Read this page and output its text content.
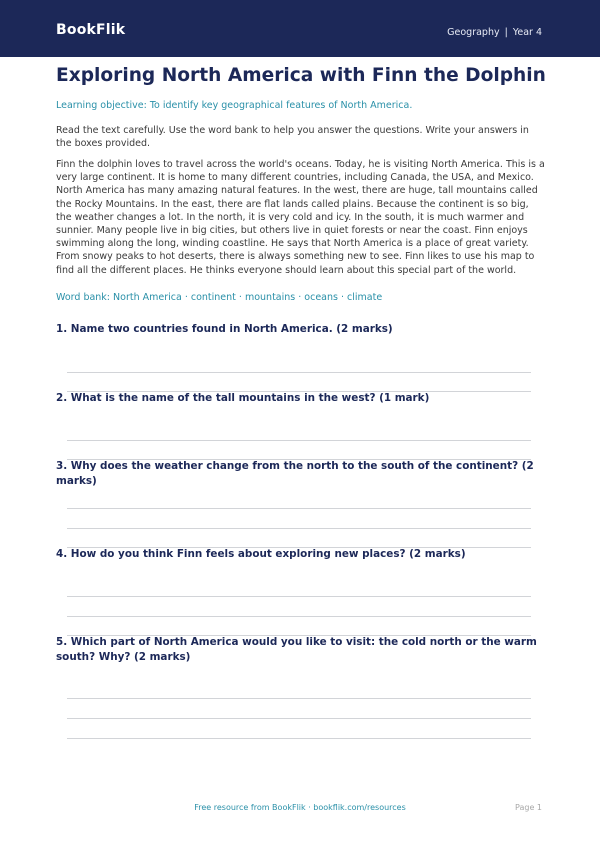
BookFlik	Geography | Year 4
Exploring North America with Finn the Dolphin
Learning objective: To identify key geographical features of North America.
Read the text carefully. Use the word bank to help you answer the questions. Write your answers in the boxes provided.
Finn the dolphin loves to travel across the world's oceans. Today, he is visiting North America. This is a very large continent. It is home to many different countries, including Canada, the USA, and Mexico. North America has many amazing natural features. In the west, there are huge, tall mountains called the Rocky Mountains. In the east, there are flat lands called plains. Because the continent is so big, the weather changes a lot. In the north, it is very cold and icy. In the south, it is much warmer and sunnier. Many people live in big cities, but others live in quiet forests or near the coast. Finn enjoys swimming along the long, winding coastline. He says that North America is a place of great variety. From snowy peaks to hot deserts, there is always something new to see. Finn likes to use his map to find all the different places. He thinks everyone should learn about this special part of the world.
Word bank: North America · continent · mountains · oceans · climate
1. Name two countries found in North America. (2 marks)
2. What is the name of the tall mountains in the west? (1 mark)
3. Why does the weather change from the north to the south of the continent? (2 marks)
4. How do you think Finn feels about exploring new places? (2 marks)
5. Which part of North America would you like to visit: the cold north or the warm south? Why? (2 marks)
Free resource from BookFlik · bookflik.com/resources	Page 1
